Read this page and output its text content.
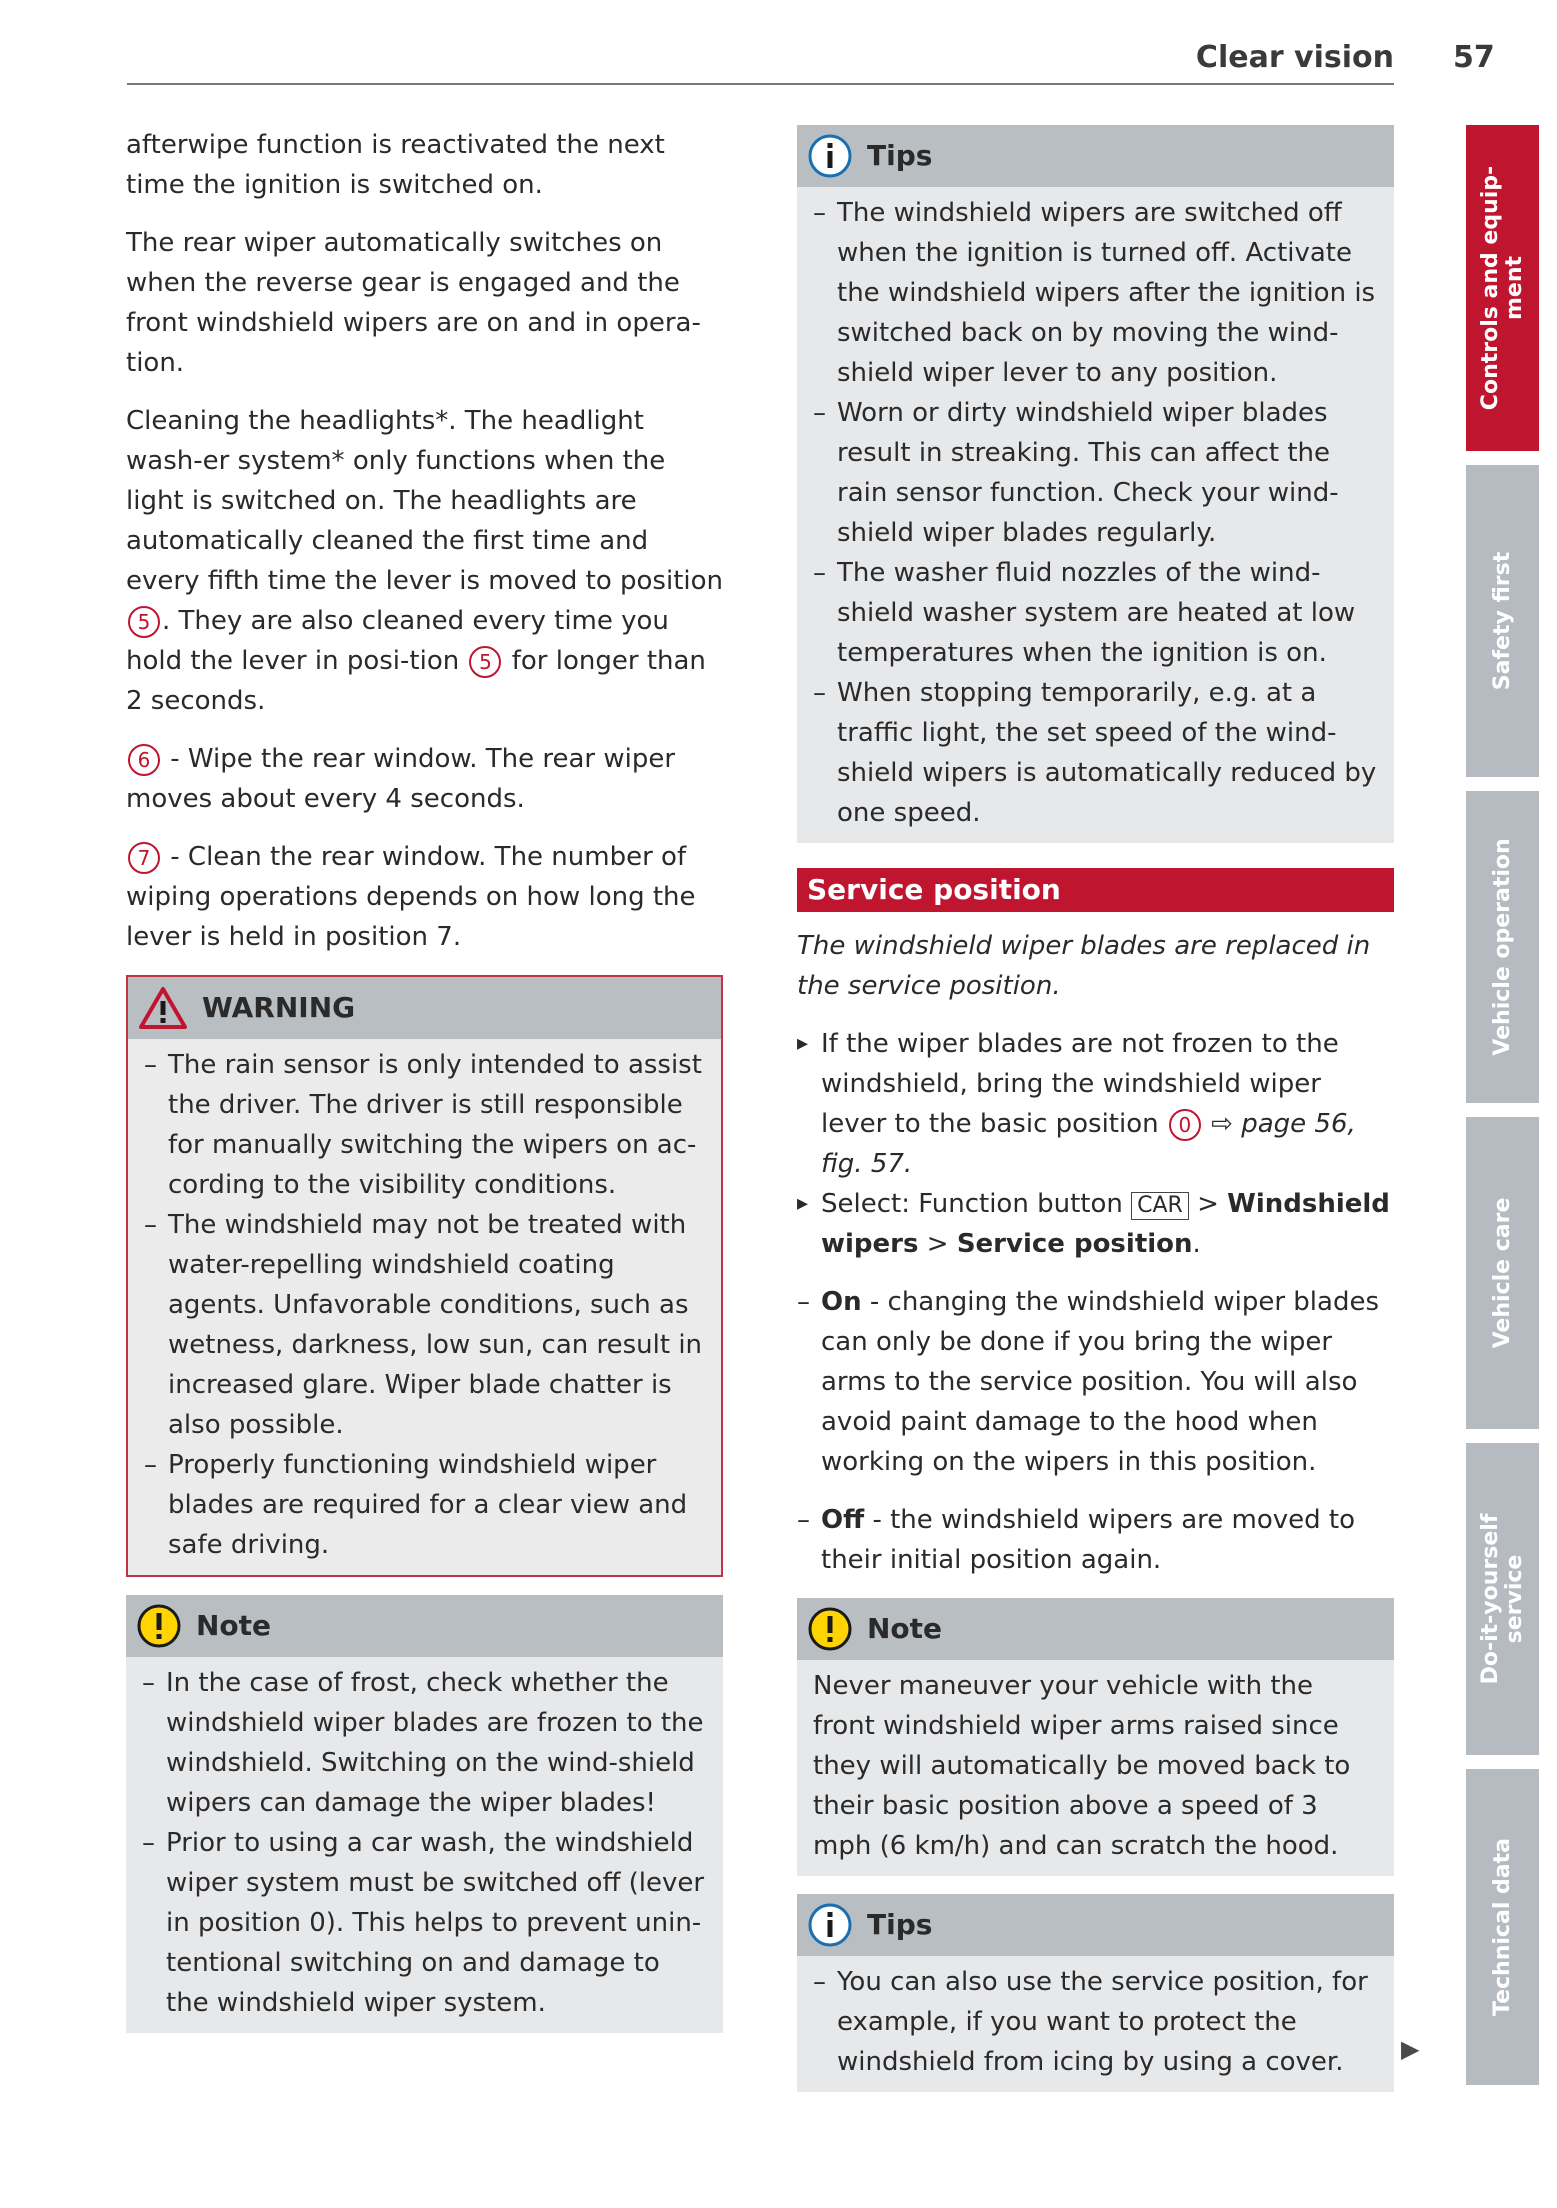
Clear vision 57

afterwipe function is reactivated the next time the ignition is switched on.

The rear wiper automatically switches on when the reverse gear is engaged and the front windshield wipers are on and in opera-tion.

Cleaning the headlights*. The headlight wash-er system* only functions when the light is switched on. The headlights are automatically cleaned the first time and every fifth time the lever is moved to position 5 . They are also cleaned every time you hold the lever in posi-tion 5 for longer than 2 seconds.

6 - Wipe the rear window. The rear wiper moves about every 4 seconds.

7 - Clean the rear window. The number of wiping operations depends on how long the lever is held in position 7.

WARNING
– The rain sensor is only intended to assist the driver. The driver is still responsible for manually switching the wipers on ac-cording to the visibility conditions.
– The windshield may not be treated with water-repelling windshield coating agents. Unfavorable conditions, such as wetness, darkness, low sun, can result in increased glare. Wiper blade chatter is also possible.
– Properly functioning windshield wiper blades are required for a clear view and safe driving.
Note
– In the case of frost, check whether the windshield wiper blades are frozen to the windshield. Switching on the wind-shield wipers can damage the wiper blades!
– Prior to using a car wash, the windshield wiper system must be switched off (lever in position 0). This helps to prevent unin-tentional switching on and damage to the windshield wiper system.
Tips
– The windshield wipers are switched off when the ignition is turned off. Activate the windshield wipers after the ignition is switched back on by moving the wind-shield wiper lever to any position.
– Worn or dirty windshield wiper blades result in streaking. This can affect the rain sensor function. Check your wind-shield wiper blades regularly.
– The washer fluid nozzles of the wind-shield washer system are heated at low temperatures when the ignition is on.
– When stopping temporarily, e.g. at a traffic light, the set speed of the wind-shield wipers is automatically reduced by one speed.
Service position

The windshield wiper blades are replaced in the service position.

▸ If the wiper blades are not frozen to the windshield, bring the windshield wiper lever to the basic position 0 ⇨ page 56, fig. 57.
▸ Select: Function button CAR > Windshield wipers > Service position.
– On - changing the windshield wiper blades can only be done if you bring the wiper arms to the service position. You will also avoid paint damage to the hood when working on the wipers in this position.
– Off - the windshield wipers are moved to their initial position again.
Note

Never maneuver your vehicle with the front windshield wiper arms raised since they will automatically be moved back to their basic position above a speed of 3 mph (6 km/h) and can scratch the hood.

Tips
– You can also use the service position, for example, if you want to protect the windshield from icing by using a cover.	▶
Controls and equip-
ment
Safety first
Vehicle operation
Vehicle care
Do-it-yourself
service
Technical data
